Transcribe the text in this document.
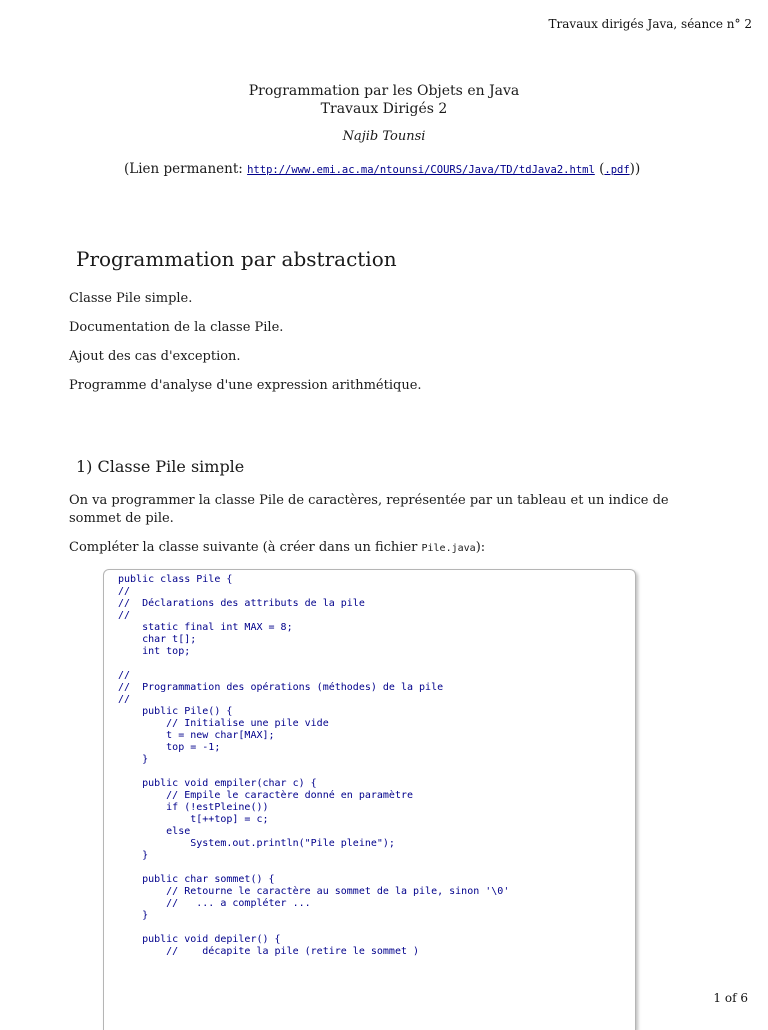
Travaux dirigés Java, séance n° 2
Programmation par les Objets en Java
Travaux Dirigés 2
Najib Tounsi
(Lien permanent: http://www.emi.ac.ma/ntounsi/COURS/Java/TD/tdJava2.html (.pdf))
Programmation par abstraction
Classe Pile simple.
Documentation de la classe Pile.
Ajout des cas d'exception.
Programme d'analyse d'une expression arithmétique.
1) Classe Pile simple
On va programmer la classe Pile de caractères, représentée par un tableau et un indice de sommet de pile.
Compléter la classe suivante (à créer dans un fichier Pile.java):
public class Pile {
//
//  Déclarations des attributs de la pile
//
static final int MAX = 8;
char t[];
int top;

//
//  Programmation des opérations (méthodes) de la pile
//
public Pile() {
// Initialise une pile vide
t = new char[MAX];
top = -1;
}

public void empiler(char c) {
// Empile le caractère donné en paramètre
if (!estPleine())
t[++top] = c;
else
System.out.println("Pile pleine");
}

public char sommet() {
// Retourne le caractère au sommet de la pile, sinon '\0'
//   ... a compléter ...
}

public void depiler() {
//    décapite la pile (retire le sommet )
1 of 6
